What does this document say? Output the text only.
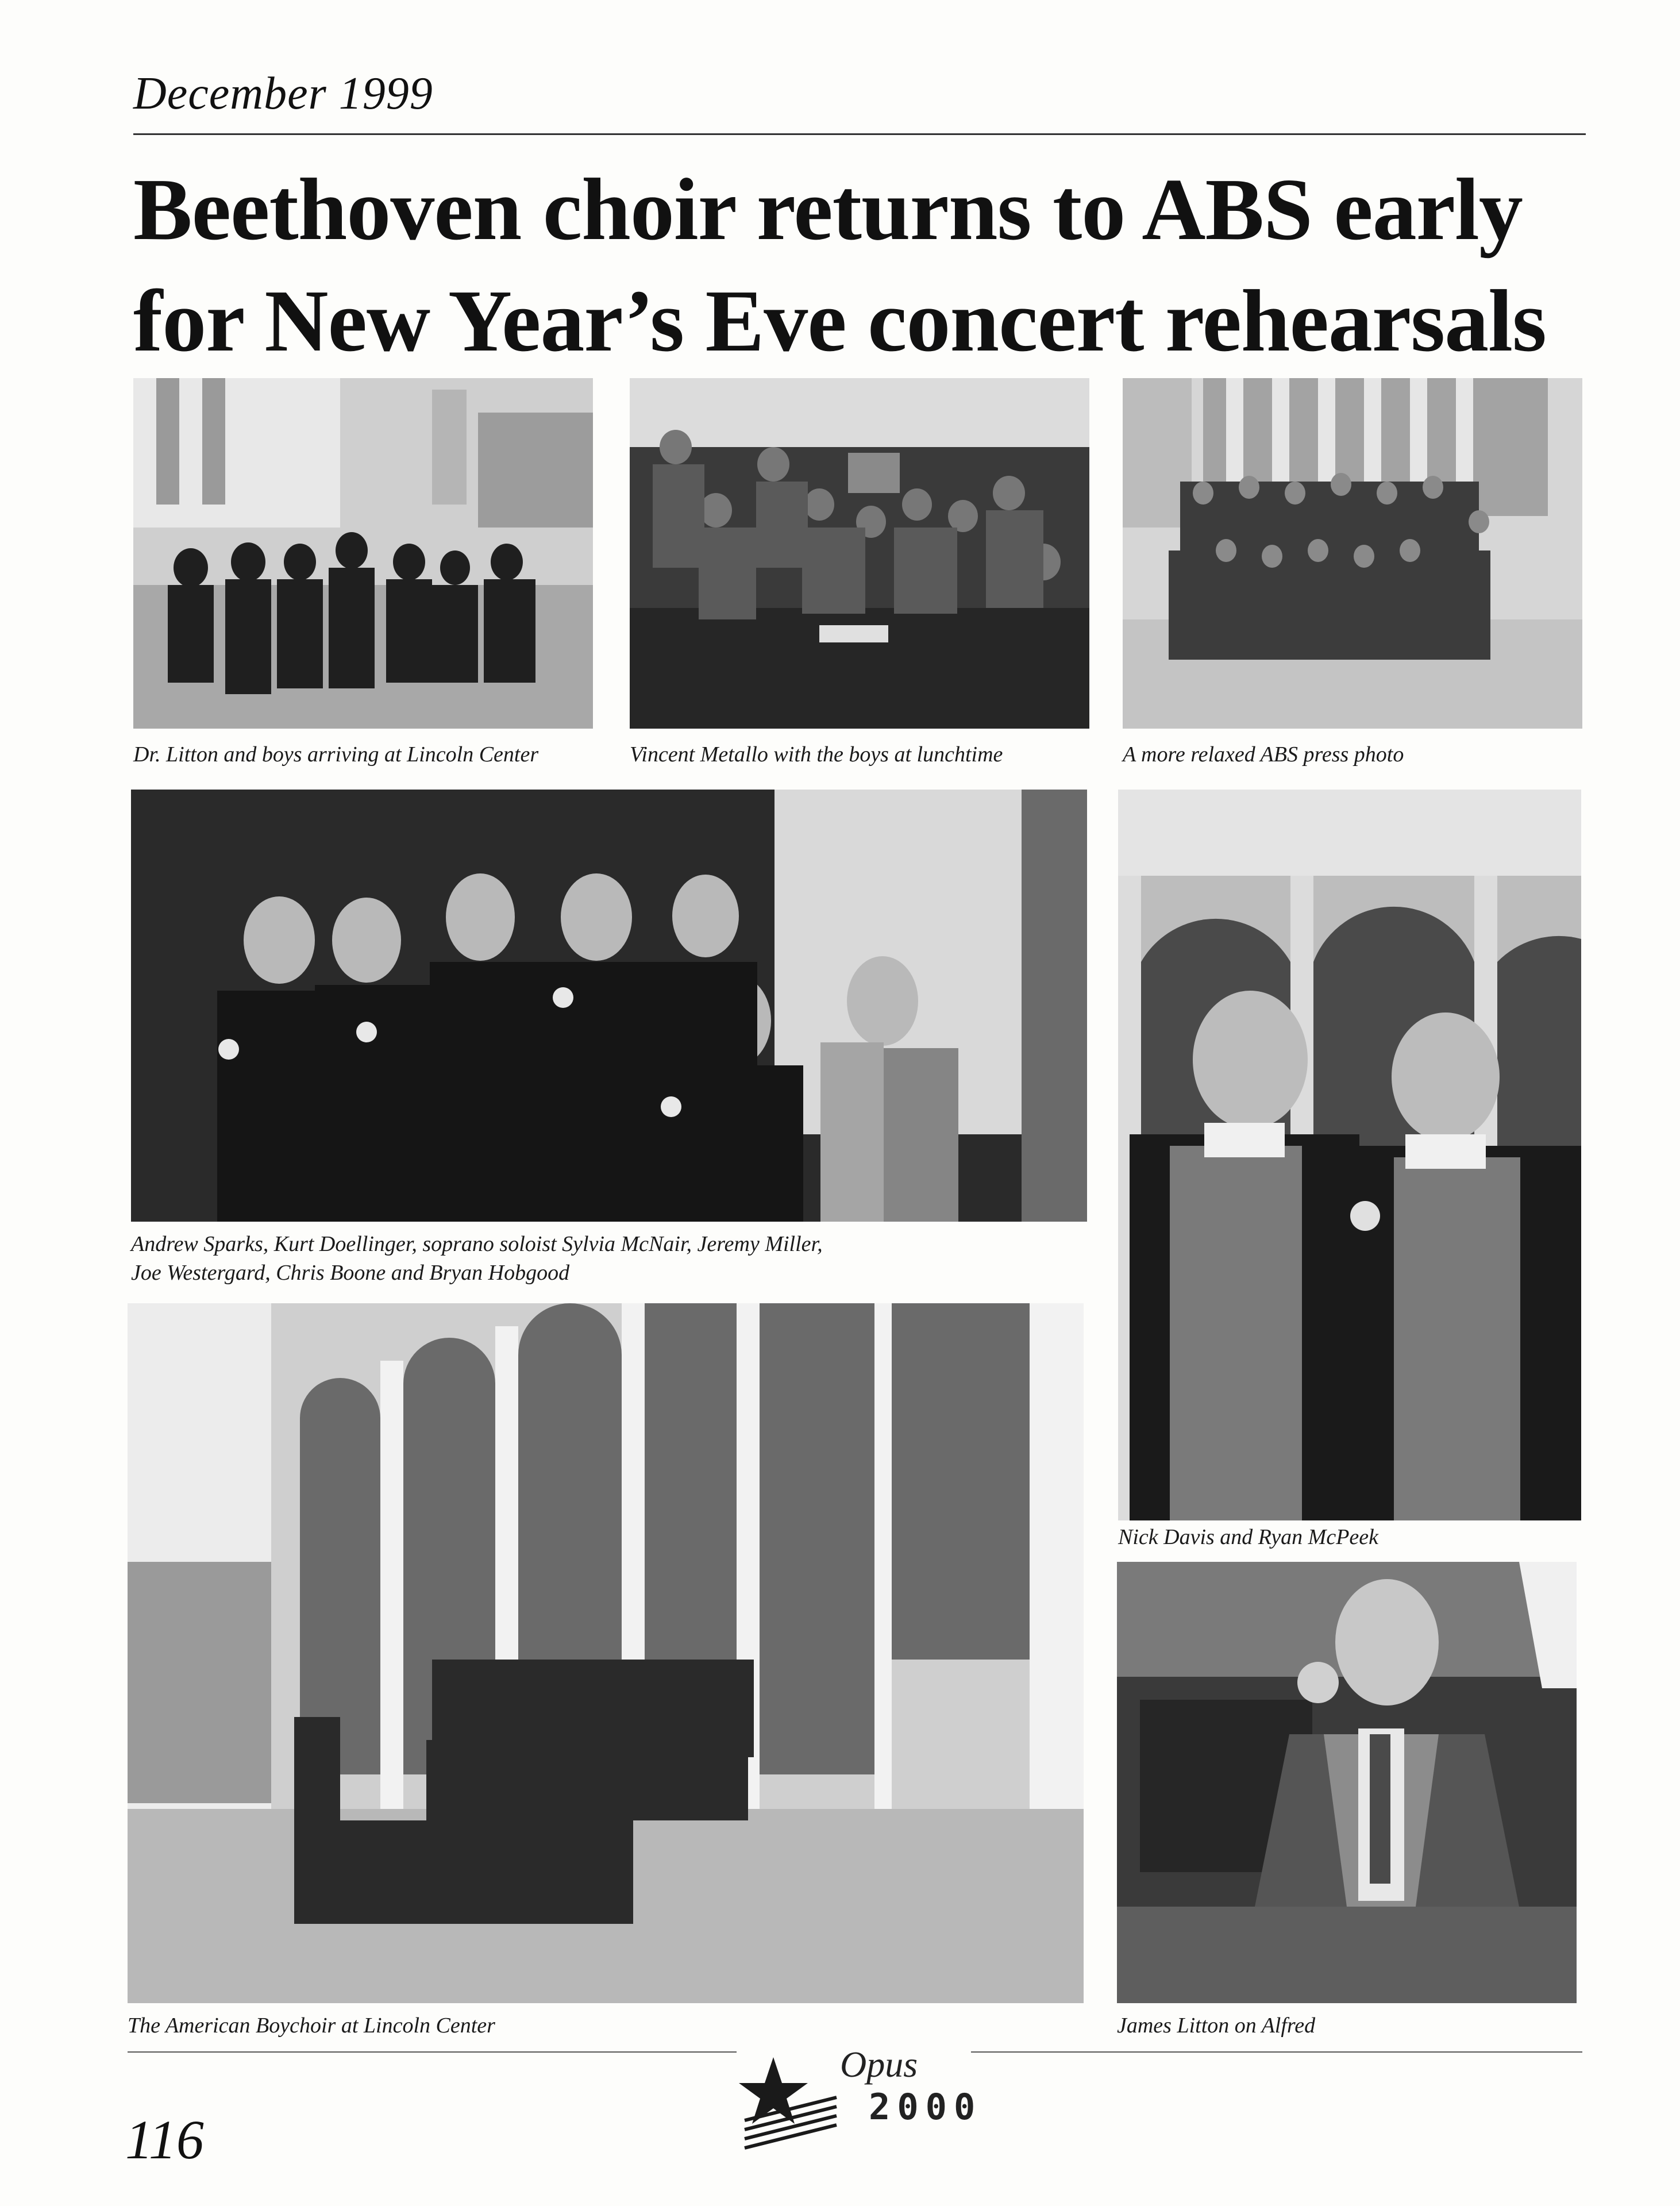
December 1999
Beethoven choir returns to ABS early
for New Year’s Eve concert rehearsals
Dr. Litton and boys arriving at Lincoln Center	Vincent Metallo with the boys at lunchtime	A more relaxed ABS press photo
Andrew Sparks, Kurt Doellinger, soprano soloist Sylvia McNair, Jeremy Miller,
Joe Westergard, Chris Boone and Bryan Hobgood
Nick Davis and Ryan McPeek
The American Boychoir at Lincoln Center	James Litton on Alfred
Opus
2000
116
